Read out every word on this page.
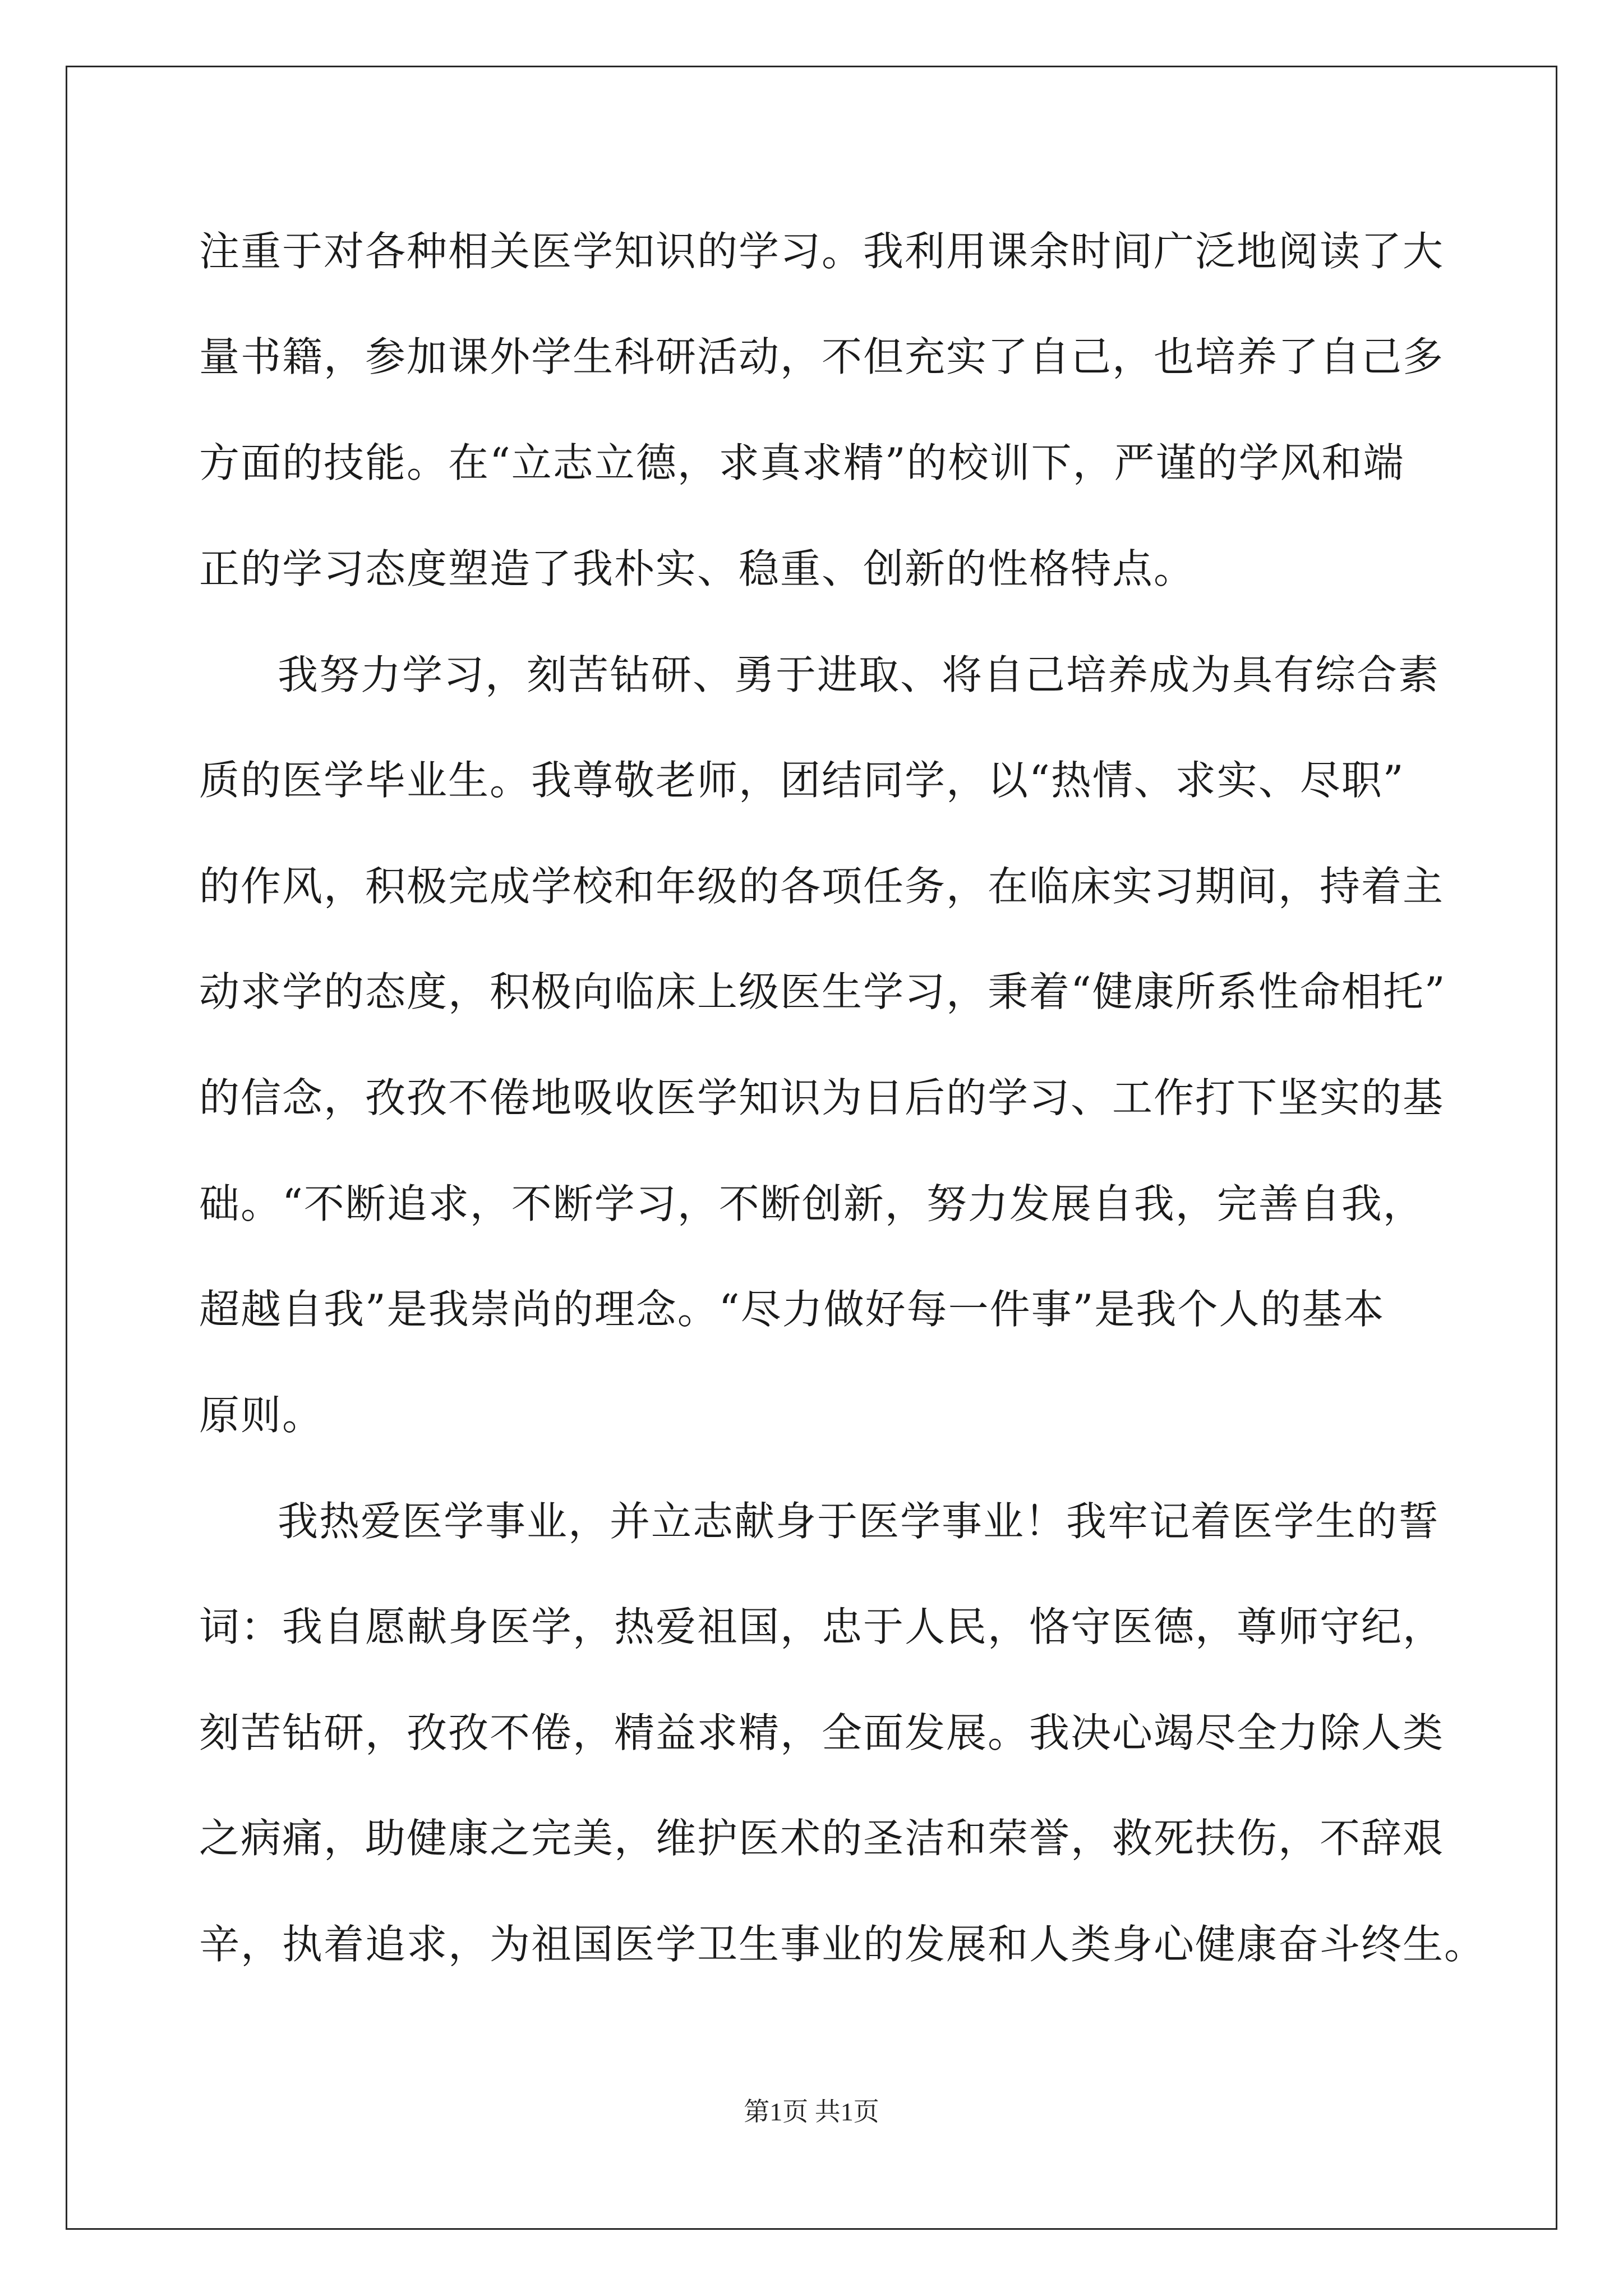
注重于对各种相关医学知识的学习。我利用课余时间广泛地阅读了大
量书籍，参加课外学生科研活动，不但充实了自己，也培养了自己多
方面的技能。在“立志立德，求真求精”的校训下，严谨的学风和端
正的学习态度塑造了我朴实、稳重、创新的性格特点。
我努力学习，刻苦钻研、勇于进取、将自己培养成为具有综合素
质的医学毕业生。我尊敬老师，团结同学，以“热情、求实、尽职”
的作风，积极完成学校和年级的各项任务，在临床实习期间，持着主
动求学的态度，积极向临床上级医生学习，秉着“健康所系性命相托”
的信念，孜孜不倦地吸收医学知识为日后的学习、工作打下坚实的基
础。“不断追求，不断学习，不断创新，努力发展自我，完善自我，
超越自我”是我崇尚的理念。“尽力做好每一件事”是我个人的基本
原则。
我热爱医学事业，并立志献身于医学事业！我牢记着医学生的誓
词：我自愿献身医学，热爱祖国，忠于人民，恪守医德，尊师守纪，
刻苦钻研，孜孜不倦，精益求精，全面发展。我决心竭尽全力除人类
之病痛，助健康之完美，维护医术的圣洁和荣誉，救死扶伤，不辞艰
辛，执着追求，为祖国医学卫生事业的发展和人类身心健康奋斗终生。
第1页 共1页
